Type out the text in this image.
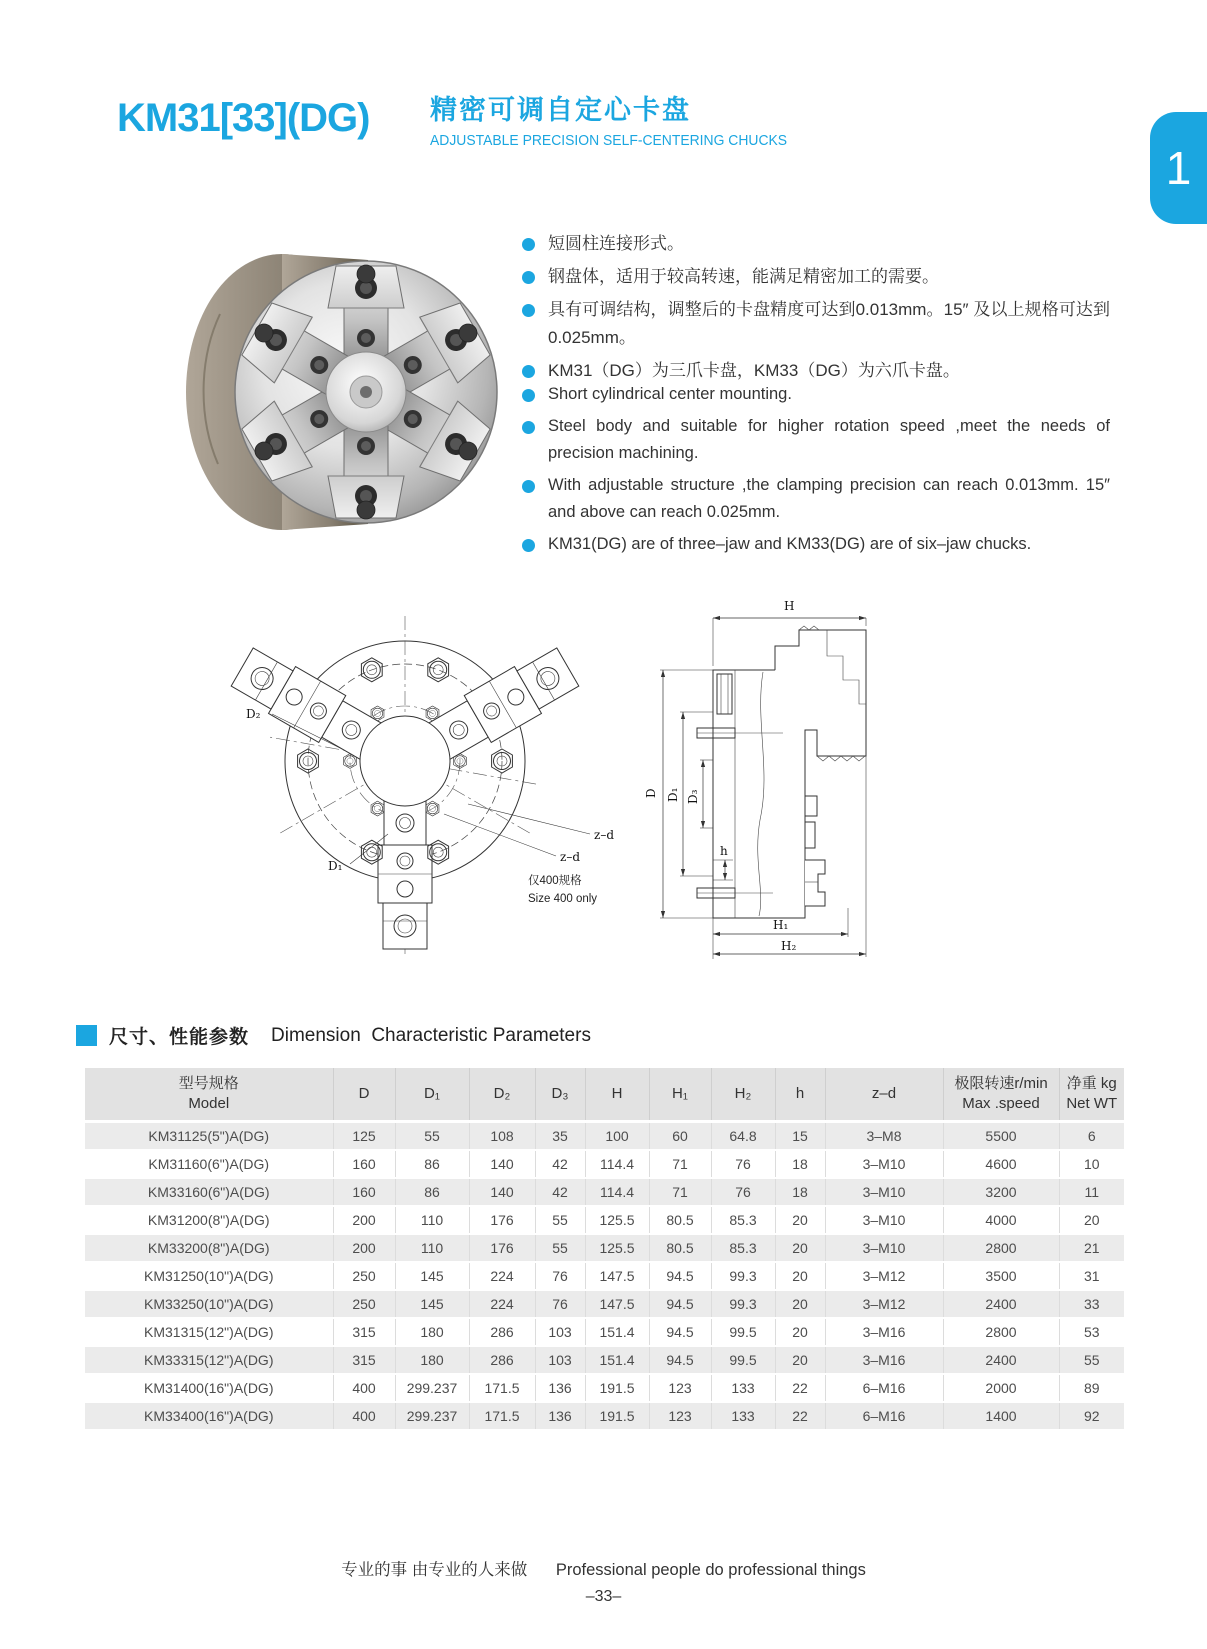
KM31[33](DG) 精密可调自定心卡盘
ADJUSTABLE PRECISION SELF-CENTERING CHUCKS
1
短圆柱连接形式。
钢盘体，适用于较高转速，能满足精密加工的需要。
具有可调结构，调整后的卡盘精度可达到0.013mm。15″ 及以上规格可达到0.025mm。
KM31（DG）为三爪卡盘，KM33（DG）为六爪卡盘。
Short cylindrical center mounting.
Steel body and suitable for higher rotation speed ,meet the needs of precision machining.
With adjustable structure ,the clamping precision can reach 0.013mm. 15″ and above can reach 0.025mm.
KM31(DG) are of three–jaw and KM33(DG) are of six–jaw chucks.
D₂
D₁
z–d
z–d
仅400规格
Size 400 only
H
D D₁ D₃
h
H₁
H₂
尺寸、性能参数 Dimension  Characteristic Parameters
型号规格
Model

D	D₁	D₂	D₃	H	H₁	H₂	h	z–d

极限转速r/min
Max .speed

净重 kg
Net WT

KM31125(5")A(DG)	125	55	108	35	100	60	64.8	15	3–M8	5500	6
KM31160(6")A(DG)	160	86	140	42	114.4	71	76	18	3–M10	4600	10
KM33160(6")A(DG)	160	86	140	42	114.4	71	76	18	3–M10	3200	11
KM31200(8")A(DG)	200	110	176	55	125.5	80.5	85.3	20	3–M10	4000	20
KM33200(8")A(DG)	200	110	176	55	125.5	80.5	85.3	20	3–M10	2800	21
KM31250(10")A(DG)	250	145	224	76	147.5	94.5	99.3	20	3–M12	3500	31
KM33250(10")A(DG)	250	145	224	76	147.5	94.5	99.3	20	3–M12	2400	33
KM31315(12")A(DG)	315	180	286	103	151.4	94.5	99.5	20	3–M16	2800	53
KM33315(12")A(DG)	315	180	286	103	151.4	94.5	99.5	20	3–M16	2400	55
KM31400(16")A(DG)	400	299.237	171.5	136	191.5	123	133	22	6–M16	2000	89
KM33400(16")A(DG)	400	299.237	171.5	136	191.5	123	133	22	6–M16	1400	92
专业的事 由专业的人来做 Professional people do professional things
–33–
